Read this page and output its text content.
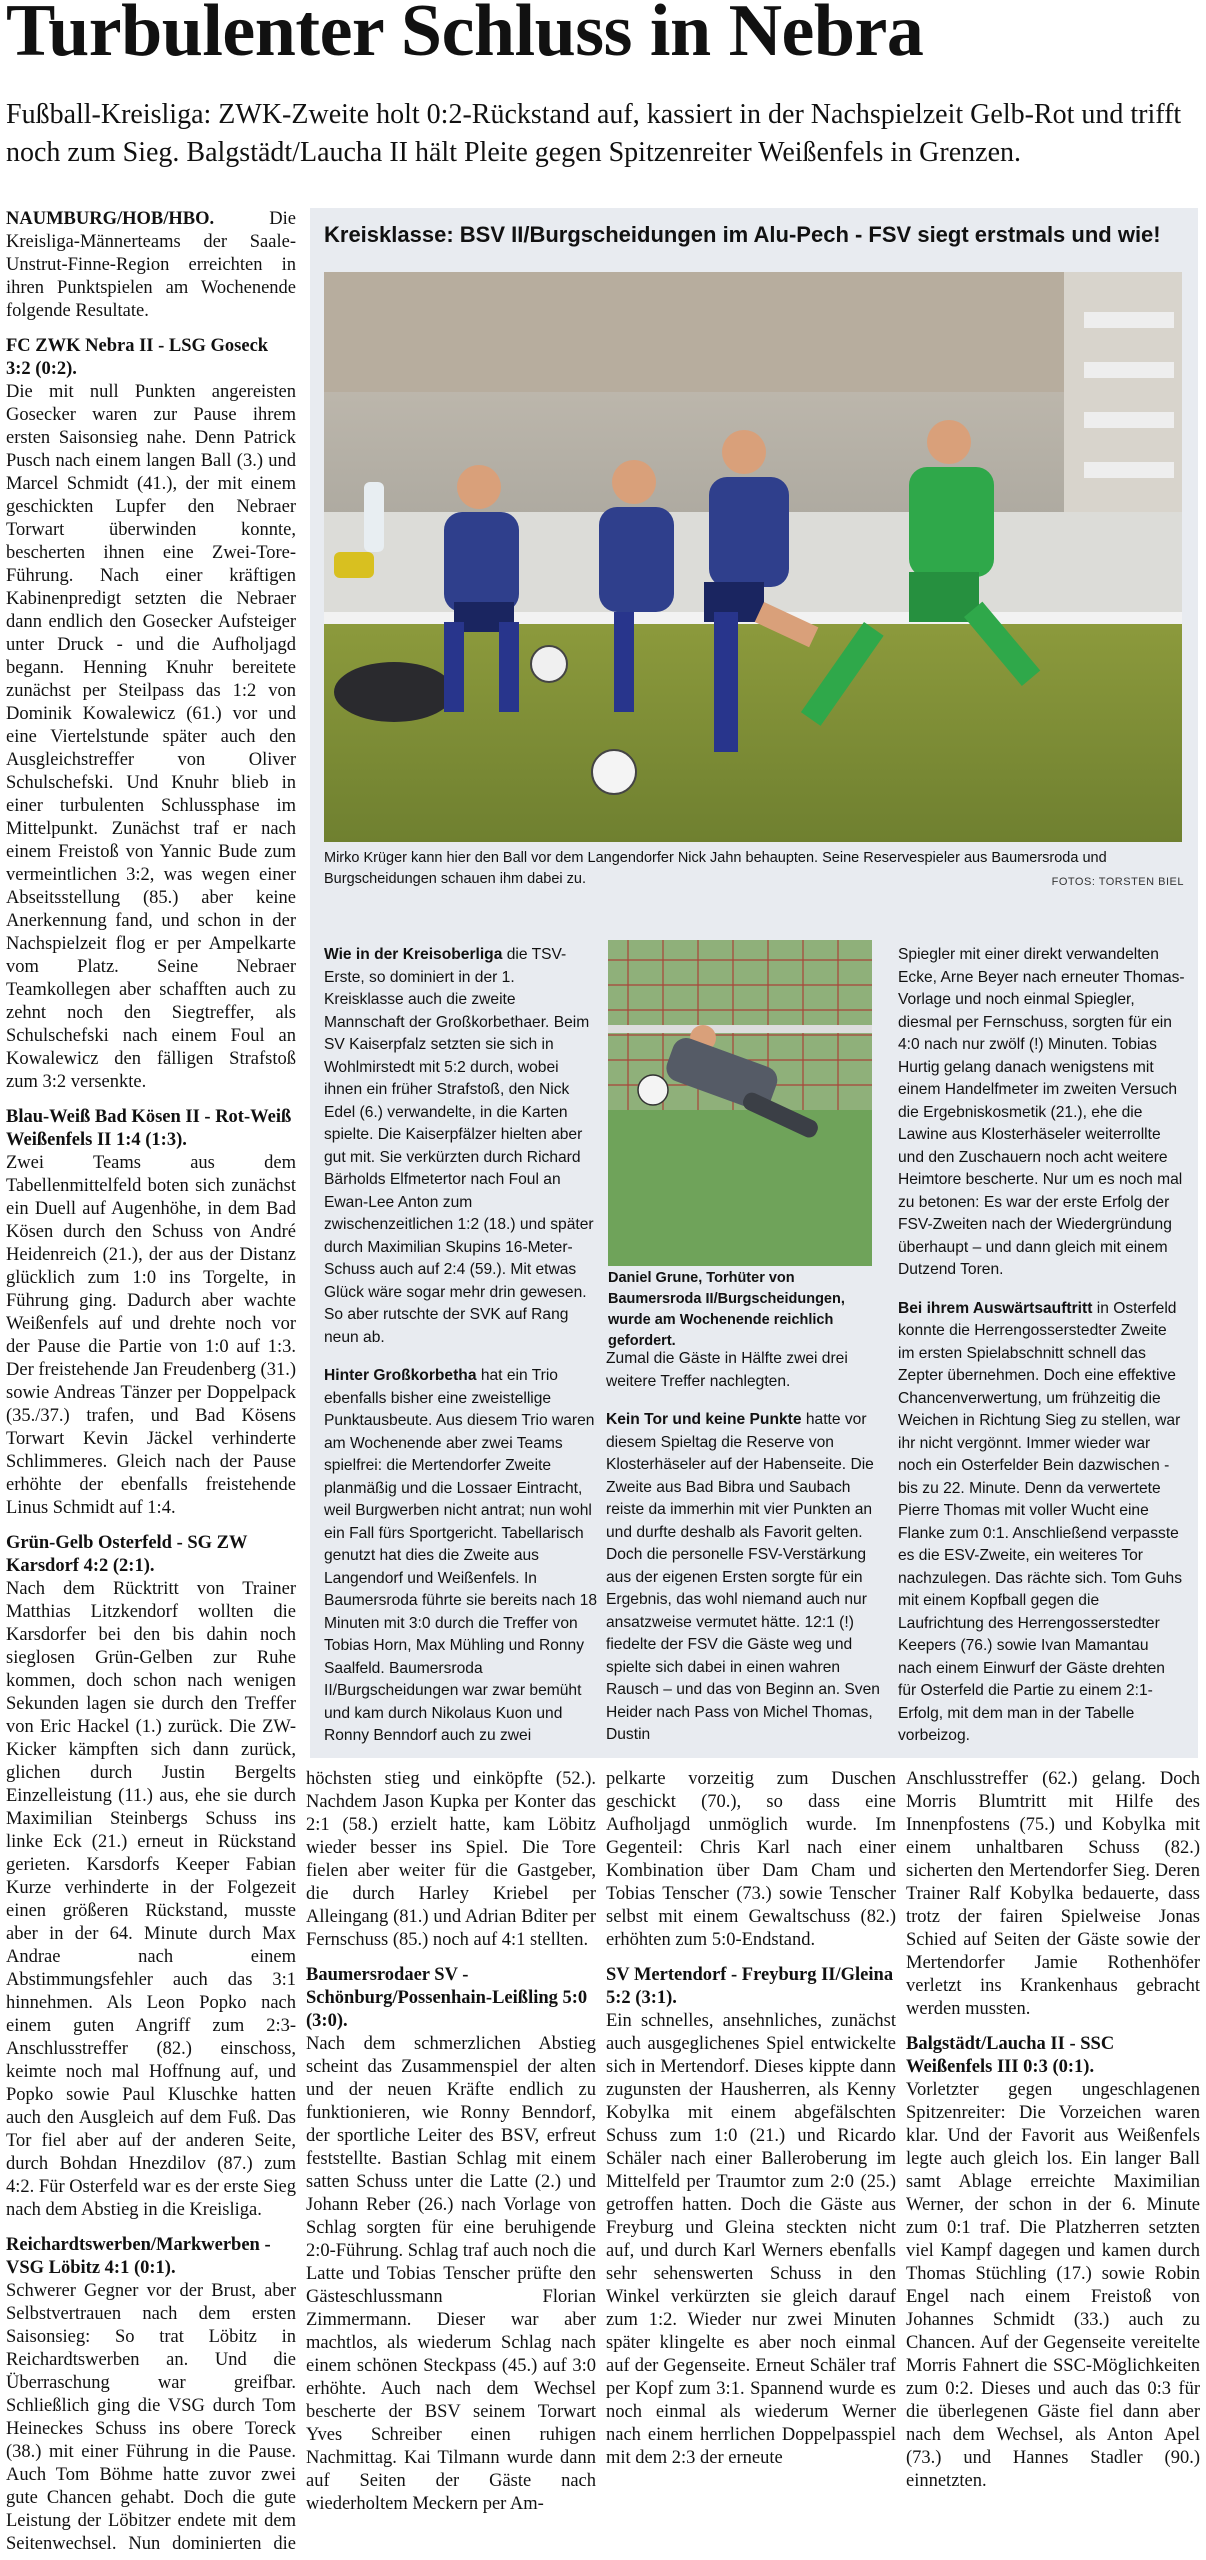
Turbulenter Schluss in Nebra
Fußball-Kreisliga: ZWK-Zweite holt 0:2-Rückstand auf, kassiert in der Nachspielzeit Gelb-Rot und trifft noch zum Sieg. Balgstädt/Laucha II hält Pleite gegen Spitzenreiter Weißenfels in Grenzen.

NAUMBURG/HOB/HBO. Die Kreisliga-Männerteams der Saale-Unstrut-Finne-Region erreichten in ihren Punktspielen am Wochenende folgende Resultate.

FC ZWK Nebra II - LSG Goseck 3:2 (0:2).

Die mit null Punkten angereisten Gosecker waren zur Pause ihrem ersten Saisonsieg nahe. Denn Patrick Pusch nach einem langen Ball (3.) und Marcel Schmidt (41.), der mit einem geschickten Lupfer den Nebraer Torwart überwinden konnte, bescherten ihnen eine Zwei-Tore-Führung. Nach einer kräftigen Kabinenpredigt setzten die Nebraer dann endlich den Gosecker Aufsteiger unter Druck - und die Aufholjagd begann. Henning Knuhr bereitete zunächst per Steilpass das 1:2 von Dominik Kowalewicz (61.) vor und eine Viertelstunde später auch den Ausgleichstreffer von Oliver Schulschefski. Und Knuhr blieb in einer turbulenten Schlussphase im Mittelpunkt. Zunächst traf er nach einem Freistoß von Yannic Bude zum vermeintlichen 3:2, was wegen einer Abseitsstellung (85.) aber keine Anerkennung fand, und schon in der Nachspielzeit flog er per Ampelkarte vom Platz. Seine Nebraer Teamkollegen aber schafften auch zu zehnt noch den Siegtreffer, als Schulschefski nach einem Foul an Kowalewicz den fälligen Strafstoß zum 3:2 versenkte.

Blau-Weiß Bad Kösen II - Rot-Weiß Weißenfels II 1:4 (1:3).

Zwei Teams aus dem Tabellenmittelfeld boten sich zunächst ein Duell auf Augenhöhe, in dem Bad Kösen durch den Schuss von André Heidenreich (21.), der aus der Distanz glücklich zum 1:0 ins Torgelte, in Führung ging. Dadurch aber wachte Weißenfels auf und drehte noch vor der Pause die Partie von 1:0 auf 1:3. Der freistehende Jan Freudenberg (31.) sowie Andreas Tänzer per Doppelpack (35./37.) trafen, und Bad Kösens Torwart Kevin Jäckel verhinderte Schlimmeres. Gleich nach der Pause erhöhte der ebenfalls freistehende Linus Schmidt auf 1:4.

Grün-Gelb Osterfeld - SG ZW Karsdorf 4:2 (2:1).

Nach dem Rücktritt von Trainer Matthias Litzkendorf wollten die Karsdorfer bei den bis dahin noch sieglosen Grün-Gelben zur Ruhe kommen, doch schon nach wenigen Sekunden lagen sie durch den Treffer von Eric Hackel (1.) zurück. Die ZW-Kicker kämpften sich dann zurück, glichen durch Justin Bergelts Einzelleistung (11.) aus, ehe sie durch Maximilian Steinbergs Schuss ins linke Eck (21.) erneut in Rückstand gerieten. Karsdorfs Keeper Fabian Kurze verhinderte in der Folgezeit einen größeren Rückstand, musste aber in der 64. Minute durch Max Andrae nach einem Abstimmungsfehler auch das 3:1 hinnehmen. Als Leon Popko nach einem guten Angriff zum 2:3-Anschlusstreffer (82.) einschoss, keimte noch mal Hoffnung auf, und Popko sowie Paul Kluschke hatten auch den Ausgleich auf dem Fuß. Das Tor fiel aber auf der anderen Seite, durch Bohdan Hnezdilov (87.) zum 4:2. Für Osterfeld war es der erste Sieg nach dem Abstieg in die Kreisliga.

Reichardtswerben/Markwerben - VSG Löbitz 4:1 (0:1).

Schwerer Gegner vor der Brust, aber Selbstvertrauen nach dem ersten Saisonsieg: So trat Löbitz in Reichardtswerben an. Und die Überraschung war greifbar. Schließlich ging die VSG durch Tom Heineckes Schuss ins obere Toreck (38.) mit einer Führung in die Pause. Auch Tom Böhme hatte zuvor zwei gute Chancen gehabt. Doch die gute Leistung der Löbitzer endete mit dem Seitenwechsel. Nun dominierten die

Kreisklasse: BSV II/Burgscheidungen im Alu-Pech - FSV siegt erstmals und wie!
Mirko Krüger kann hier den Ball vor dem Langendorfer Nick Jahn behaupten. Seine Reservespieler aus Baumersroda und Burgscheidungen schauen ihm dabei zu.	FOTOS: TORSTEN BIEL

Wie in der Kreisoberliga die TSV-Erste, so dominiert in der 1. Kreisklasse auch die zweite Mannschaft der Großkorbethaer. Beim SV Kaiserpfalz setzten sie sich in Wohlmirstedt mit 5:2 durch, wobei ihnen ein früher Strafstoß, den Nick Edel (6.) verwandelte, in die Karten spielte. Die Kaiserpfälzer hielten aber gut mit. Sie verkürzten durch Richard Bärholds Elfmetertor nach Foul an Ewan-Lee Anton zum zwischenzeitlichen 1:2 (18.) und später durch Maximilian Skupins 16-Meter-Schuss auch auf 2:4 (59.). Mit etwas Glück wäre sogar mehr drin gewesen. So aber rutschte der SVK auf Rang neun ab.

Hinter Großkorbetha hat ein Trio ebenfalls bisher eine zweistellige Punktausbeute. Aus diesem Trio waren am Wochenende aber zwei Teams spielfrei: die Mertendorfer Zweite planmäßig und die Lossaer Eintracht, weil Burgwerben nicht antrat; nun wohl ein Fall fürs Sportgericht. Tabellarisch genutzt hat dies die Zweite aus Langendorf und Weißenfels. In Baumersroda führte sie bereits nach 18 Minuten mit 3:0 durch die Treffer von Tobias Horn, Max Mühling und Ronny Saalfeld. Baumersroda II/Burgscheidungen war zwar bemüht und kam durch Nikolaus Kuon und Ronny Benndorf auch zu zwei

Spiegler mit einer direkt verwandelten Ecke, Arne Beyer nach erneuter Thomas-Vorlage und noch einmal Spiegler, diesmal per Fernschuss, sorgten für ein 4:0 nach nur zwölf (!) Minuten. Tobias Hurtig gelang danach wenigstens mit einem Handelfmeter im zweiten Versuch die Ergebniskosmetik (21.), ehe die Lawine aus Klosterhäseler weiterrollte und den Zuschauern noch acht weitere Heimtore bescherte. Nur um es noch mal zu betonen: Es war der erste Erfolg der FSV-Zweiten nach der Wiedergründung überhaupt – und dann gleich mit einem Dutzend Toren.

Bei ihrem Auswärtsauftritt in Osterfeld konnte die Herrengosserstedter Zweite im ersten Spielabschnitt schnell das Zepter übernehmen. Doch eine effektive Chancenverwertung, um frühzeitig die Weichen in Richtung Sieg zu stellen, war ihr nicht vergönnt. Immer wieder war noch ein Osterfelder Bein dazwischen - bis zu 22. Minute. Denn da verwertete Pierre Thomas mit voller Wucht eine Flanke zum 0:1. Anschließend verpasste es die ESV-Zweite, ein weiteres Tor nachzulegen. Das rächte sich. Tom Guhs mit einem Kopfball gegen die Laufrichtung des Herrengosserstedter Keepers (76.) sowie Ivan Mamantau nach einem Einwurf der Gäste drehten für Osterfeld die Partie zu einem 2:1-Erfolg, mit dem man in der Tabelle vorbeizog.

Zumal die Gäste in Hälfte zwei drei weitere Treffer nachlegten.

Kein Tor und keine Punkte hatte vor diesem Spieltag die Reserve von Klosterhäseler auf der Habenseite. Die Zweite aus Bad Bibra und Saubach reiste da immerhin mit vier Punkten an und durfte deshalb als Favorit gelten. Doch die personelle FSV-Verstärkung aus der eigenen Ersten sorgte für ein Ergebnis, das wohl niemand auch nur ansatzweise vermutet hätte. 12:1 (!) fiedelte der FSV die Gäste weg und spielte sich dabei in einen wahren Rausch – und das von Beginn an. Sven Heider nach Pass von Michel Thomas, Dustin

Daniel Grune, Torhüter von Baumersroda II/Burgscheidungen, wurde am Wochenende reichlich gefordert.

höchsten stieg und einköpfte (52.). Nachdem Jason Kupka per Konter das 2:1 (58.) erzielt hatte, kam Löbitz wieder besser ins Spiel. Die Tore fielen aber weiter für die Gastgeber, die durch Harley Kriebel per Alleingang (81.) und Adrian Bditer per Fernschuss (85.) noch auf 4:1 stellten.

Baumersrodaer SV - Schönburg/Possenhain-Leißling 5:0 (3:0).

Nach dem schmerzlichen Abstieg scheint das Zusammenspiel der alten und der neuen Kräfte endlich zu funktionieren, wie Ronny Benndorf, der sportliche Leiter des BSV, erfreut feststellte. Bastian Schlag mit einem satten Schuss unter die Latte (2.) und Johann Reber (26.) nach Vorlage von Schlag sorgten für eine beruhigende 2:0-Führung. Schlag traf auch noch die Latte und Tobias Tenscher prüfte den Gästeschlussmann Florian Zimmermann. Dieser war aber machtlos, als wiederum Schlag nach einem schönen Steckpass (45.) auf 3:0 erhöhte. Auch nach dem Wechsel bescherte der BSV seinem Torwart Yves Schreiber einen ruhigen Nachmittag. Kai Tilmann wurde dann auf Seiten der Gäste nach wiederholtem Meckern per Am-

pelkarte vorzeitig zum Duschen geschickt (70.), so dass eine Aufholjagd unmöglich wurde. Im Gegenteil: Chris Karl nach einer Kombination über Dam Cham und Tobias Tenscher (73.) sowie Tenscher selbst mit einem Gewaltschuss (82.) erhöhten zum 5:0-Endstand.

SV Mertendorf - Freyburg II/Gleina 5:2 (3:1).

Ein schnelles, ansehnliches, zunächst auch ausgeglichenes Spiel entwickelte sich in Mertendorf. Dieses kippte dann zugunsten der Hausherren, als Kenny Kobylka mit einem abgefälschten Schuss zum 1:0 (21.) und Ricardo Schäler nach einer Balleroberung im Mittelfeld per Traumtor zum 2:0 (25.) getroffen hatten. Doch die Gäste aus Freyburg und Gleina steckten nicht auf, und durch Karl Werners ebenfalls sehr sehenswerten Schuss in den Winkel verkürzten sie gleich darauf zum 1:2. Wieder nur zwei Minuten später klingelte es aber noch einmal auf der Gegenseite. Erneut Schäler traf per Kopf zum 3:1. Spannend wurde es noch einmal als wiederum Werner nach einem herrlichen Doppelpasspiel mit dem 2:3 der erneute

Anschlusstreffer (62.) gelang. Doch Morris Blumtritt mit Hilfe des Innenpfostens (75.) und Kobylka mit einem unhaltbaren Schuss (82.) sicherten den Mertendorfer Sieg. Deren Trainer Ralf Kobylka bedauerte, dass trotz der fairen Spielweise Jonas Schied auf Seiten der Gäste sowie der Mertendorfer Jamie Rothenhöfer verletzt ins Krankenhaus gebracht werden mussten.

Balgstädt/Laucha II - SSC Weißenfels III 0:3 (0:1).

Vorletzter gegen ungeschlagenen Spitzenreiter: Die Vorzeichen waren klar. Und der Favorit aus Weißenfels legte auch gleich los. Ein langer Ball samt Ablage erreichte Maximilian Werner, der schon in der 6. Minute zum 0:1 traf. Die Platzherren setzten viel Kampf dagegen und kamen durch Thomas Stüchling (17.) sowie Robin Engel nach einem Freistoß von Johannes Schmidt (33.) auch zu Chancen. Auf der Gegenseite vereitelte Morris Fahnert die SSC-Möglichkeiten zum 0:2. Dieses und auch das 0:3 für die überlegenen Gäste fiel dann aber nach dem Wechsel, als Anton Apel (73.) und Hannes Stadler (90.) einnetzten.
